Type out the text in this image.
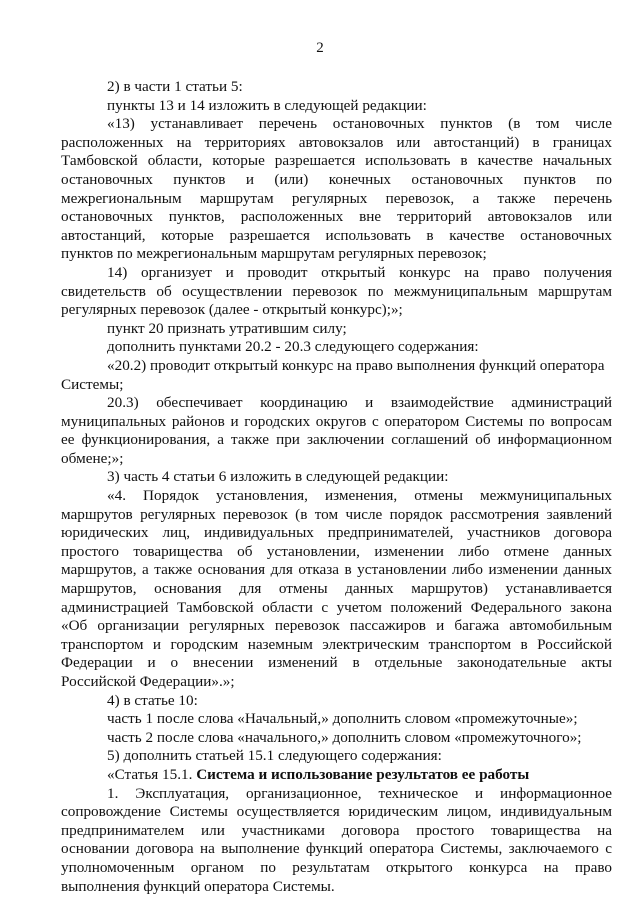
2
2) в части 1 статьи 5:
пункты 13 и 14 изложить в следующей редакции:
«13) устанавливает перечень остановочных пунктов (в том числе
расположенных на территориях автовокзалов или автостанций) в границах
Тамбовской области, которые разрешается использовать в качестве начальных
остановочных пунктов и (или) конечных остановочных пунктов по
межрегиональным маршрутам регулярных перевозок, а также перечень
остановочных пунктов, расположенных вне территорий автовокзалов или
автостанций, которые разрешается использовать в качестве остановочных
пунктов по межрегиональным маршрутам регулярных перевозок;
14) организует и проводит открытый конкурс на право получения
свидетельств об осуществлении перевозок по межмуниципальным маршрутам
регулярных перевозок (далее - открытый конкурс);»;
пункт 20 признать утратившим силу;
дополнить пунктами 20.2 - 20.3 следующего содержания:
«20.2) проводит открытый конкурс на право выполнения функций оператора
Системы;
20.3) обеспечивает координацию и взаимодействие администраций
муниципальных районов и городских округов с оператором Системы по вопросам
ее функционирования, а также при заключении соглашений об информационном
обмене;»;
3) часть 4 статьи 6 изложить в следующей редакции:
«4. Порядок установления, изменения, отмены межмуниципальных
маршрутов регулярных перевозок (в том числе порядок рассмотрения заявлений
юридических лиц, индивидуальных предпринимателей, участников договора
простого товарищества об установлении, изменении либо отмене данных
маршрутов, а также основания для отказа в установлении либо изменении данных
маршрутов, основания для отмены данных маршрутов) устанавливается
администрацией Тамбовской области с учетом положений Федерального закона
«Об организации регулярных перевозок пассажиров и багажа автомобильным
транспортом и городским наземным электрическим транспортом в Российской
Федерации и о внесении изменений в отдельные законодательные акты
Российской Федерации».»;
4) в статье 10:
часть 1 после слова «Начальный,» дополнить словом «промежуточные»;
часть 2 после слова «начального,» дополнить словом «промежуточного»;
5) дополнить статьей 15.1 следующего содержания:
«Статья 15.1. Система и использование результатов ее работы
1. Эксплуатация, организационное, техническое и информационное
сопровождение Системы осуществляется юридическим лицом, индивидуальным
предпринимателем или участниками договора простого товарищества на
основании договора на выполнение функций оператора Системы, заключаемого с
уполномоченным органом по результатам открытого конкурса на право
выполнения функций оператора Системы.
